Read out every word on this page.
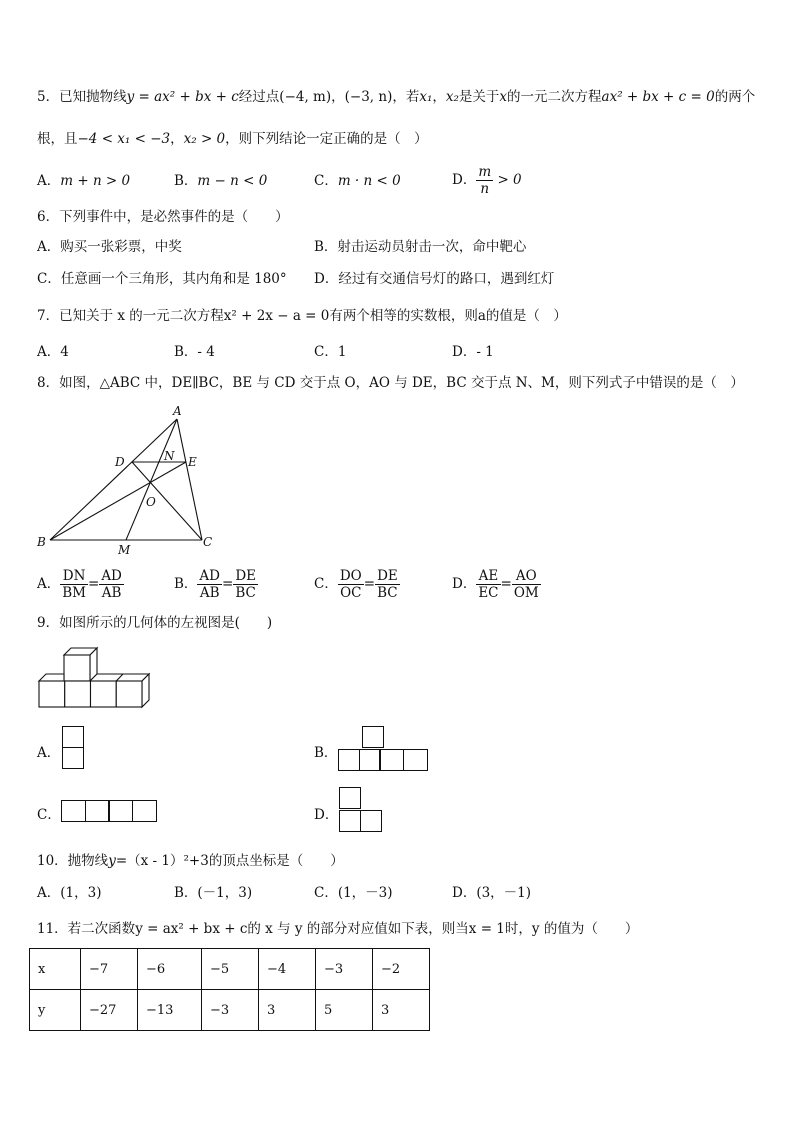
5．已知抛物线y = ax² + bx + c经过点(−4, m)，(−3, n)，若x₁，x₂是关于x的一元二次方程ax² + bx + c = 0的两个
根，且−4 < x₁ < −3，x₂ > 0，则下列结论一定正确的是（　）
A．m + n > 0	B．m − n < 0	C．m · n < 0	D． $\frac{m}{n} > 0$
6．下列事件中，是必然事件的是（　　）
A．购买一张彩票，中奖	B．射击运动员射击一次，命中靶心
C．任意画一个三角形，其内角和是 180° D．经过有交通信号灯的路口，遇到红灯
7．已知关于 x 的一元二次方程x² + 2x − a = 0有两个相等的实数根，则a的值是（　）
A．4	B．- 4	C．1	D．- 1
8．如图，△ABC 中，DE∥BC，BE 与 CD 交于点 O，AO 与 DE，BC 交于点 N、M，则下列式子中错误的是（　）
A
D	N E
O
B
M
C
A． $\frac{DN}{BM} = \frac{AD}{AB}$	B． $\frac{AD}{AB} = \frac{DE}{BC}$	C． $\frac{DO}{OC} = \frac{DE}{BC}$	D． $\frac{AE}{EC} = \frac{AO}{OM}$
9．如图所示的几何体的左视图是(　　)
A．	B．
C．	D．
10．抛物线y=（x - 1）²+3的顶点坐标是（　　）
A．(1，3)	B．(－1，3)	C．(1，－3)	D．(3，－1)
11．若二次函数y = ax² + bx + c的 x 与 y 的部分对应值如下表，则当x = 1时，y 的值为（　　）
x	−7	−6	−5	−4	−3	−2
y	−27	−13	−3	3	5	3
